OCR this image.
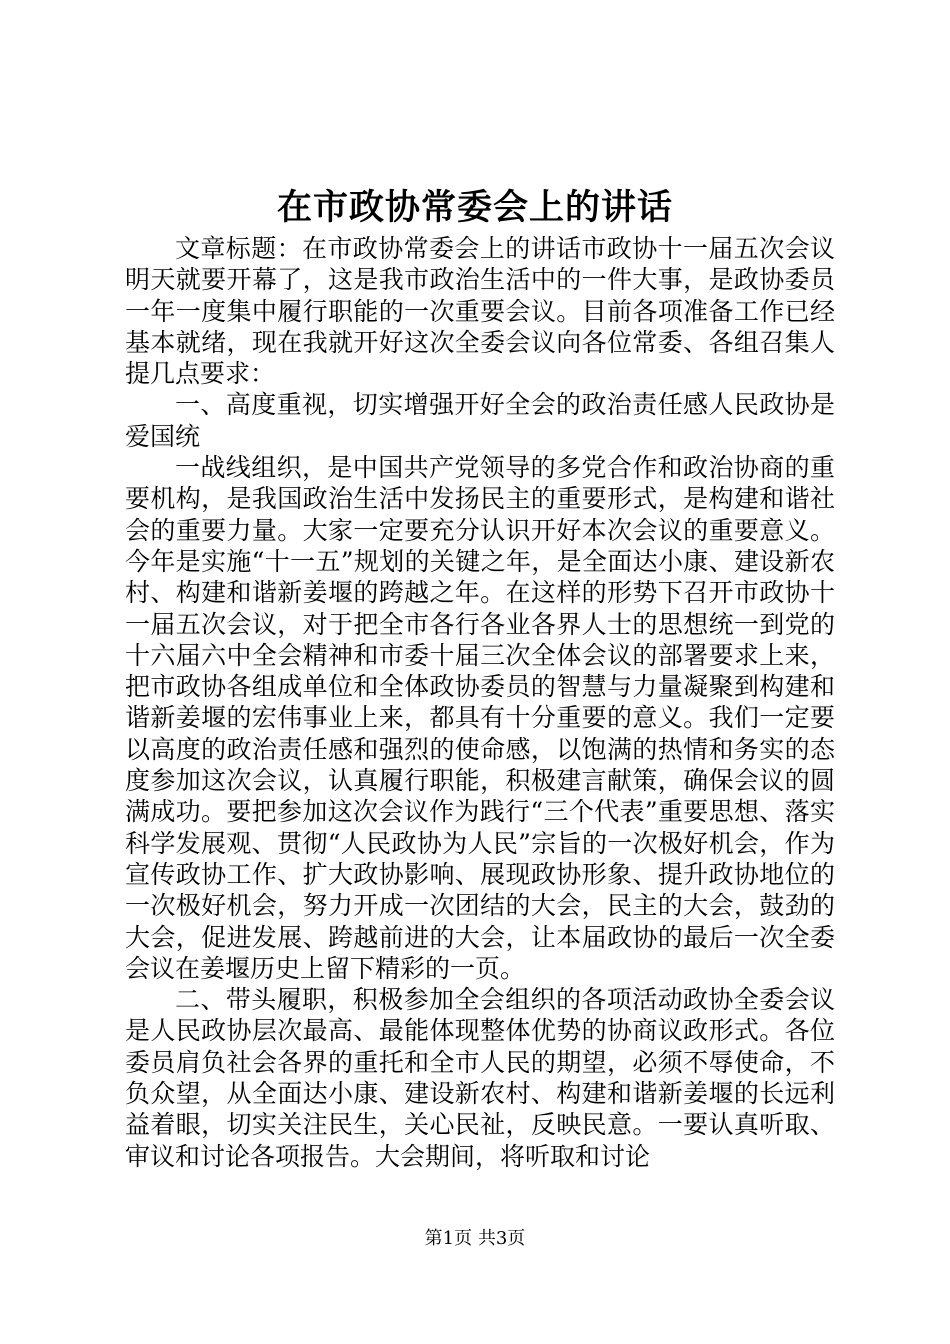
在市政协常委会上的讲话

文章标题：在市政协常委会上的讲话市政协十一届五次会议明天就要开幕了，这是我市政治生活中的一件大事，是政协委员一年一度集中履行职能的一次重要会议。目前各项准备工作已经基本就绪，现在我就开好这次全委会议向各位常委、各组召集人提几点要求：

一、高度重视，切实增强开好全会的政治责任感人民政协是爱国统

一战线组织，是中国共产党领导的多党合作和政治协商的重要机构，是我国政治生活中发扬民主的重要形式，是构建和谐社会的重要力量。大家一定要充分认识开好本次会议的重要意义。今年是实施“十一五”规划的关键之年，是全面达小康、建设新农村、构建和谐新姜堰的跨越之年。在这样的形势下召开市政协十一届五次会议，对于把全市各行各业各界人士的思想统一到党的十六届六中全会精神和市委十届三次全体会议的部署要求上来，把市政协各组成单位和全体政协委员的智慧与力量凝聚到构建和谐新姜堰的宏伟事业上来，都具有十分重要的意义。我们一定要以高度的政治责任感和强烈的使命感，以饱满的热情和务实的态度参加这次会议，认真履行职能，积极建言献策，确保会议的圆满成功。要把参加这次会议作为践行“三个代表”重要思想、落实科学发展观、贯彻“人民政协为人民”宗旨的一次极好机会，作为宣传政协工作、扩大政协影响、展现政协形象、提升政协地位的一次极好机会，努力开成一次团结的大会，民主的大会，鼓劲的大会，促进发展、跨越前进的大会，让本届政协的最后一次全委会议在姜堰历史上留下精彩的一页。

二、带头履职，积极参加全会组织的各项活动政协全委会议是人民政协层次最高、最能体现整体优势的协商议政形式。各位委员肩负社会各界的重托和全市人民的期望，必须不辱使命，不负众望，从全面达小康、建设新农村、构建和谐新姜堰的长远利益着眼，切实关注民生，关心民祉，反映民意。一要认真听取、审议和讨论各项报告。大会期间，将听取和讨论

第1页 共3页
